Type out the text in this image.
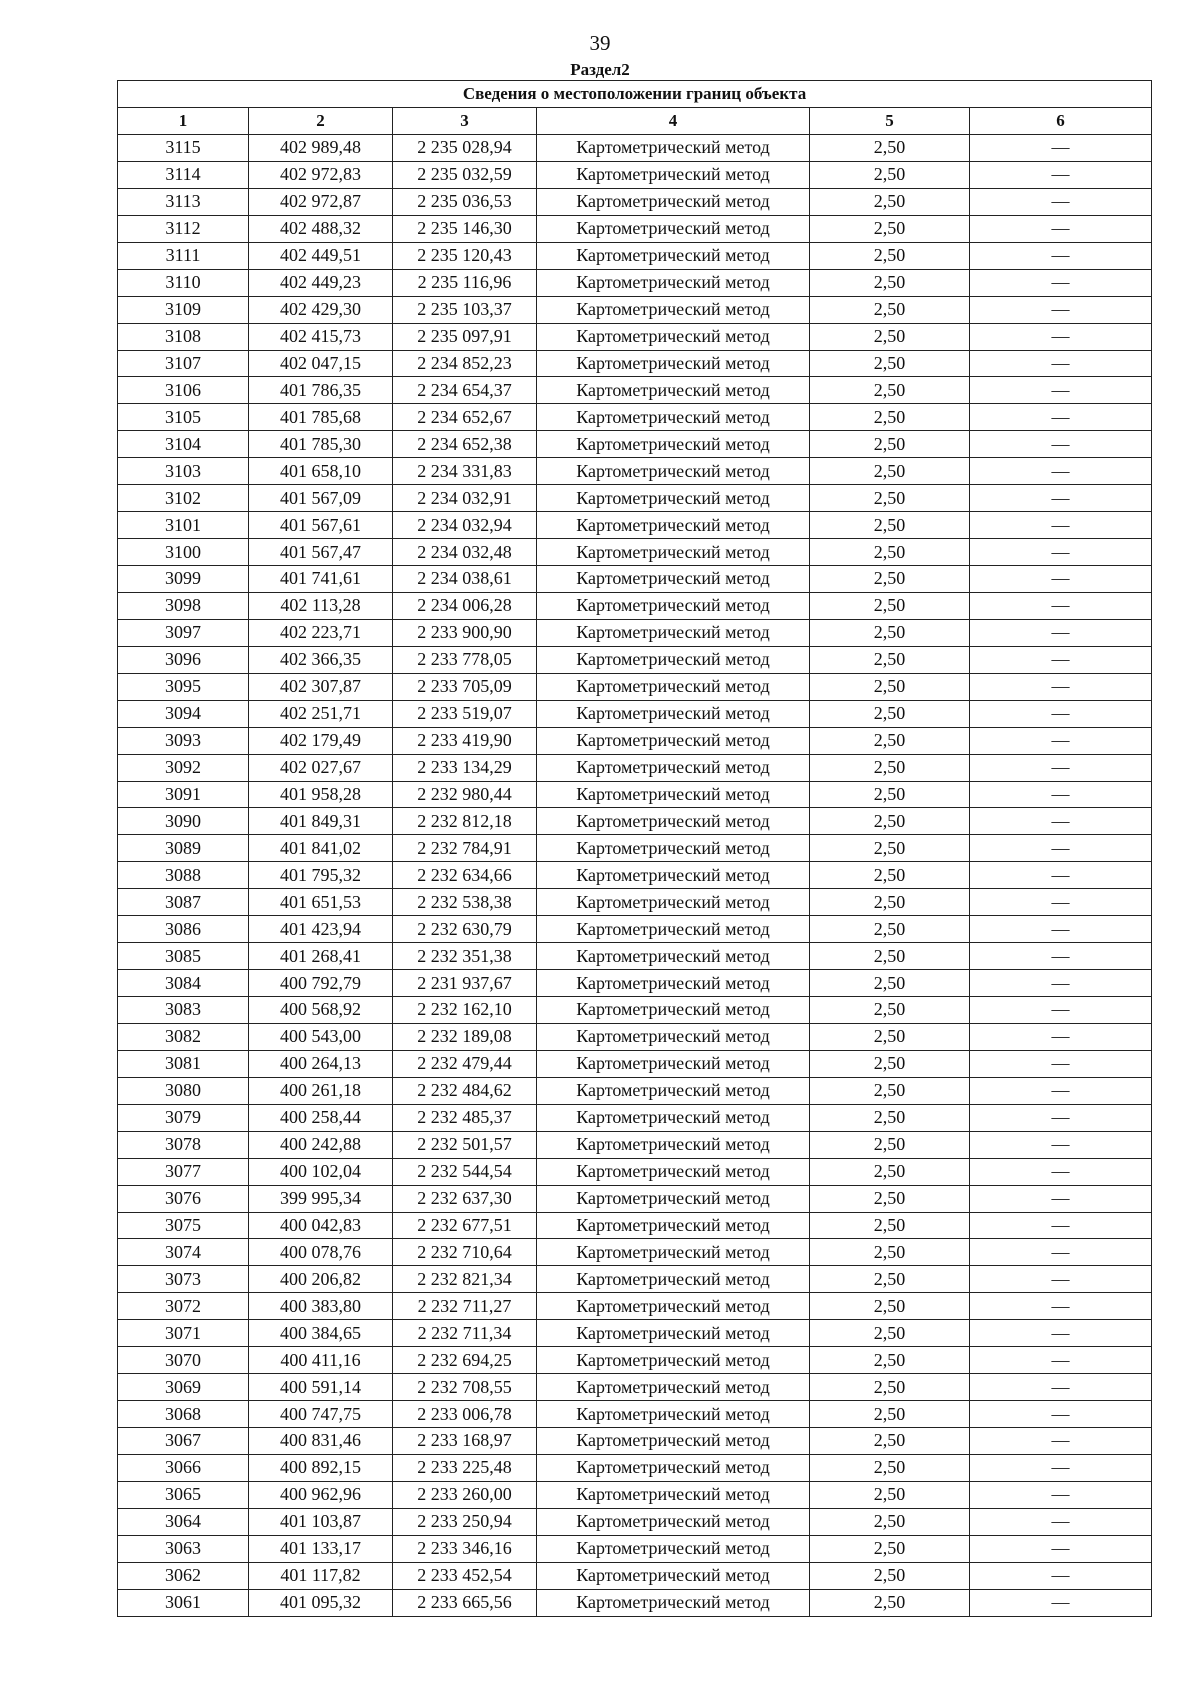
39
Раздел2
Сведения о местоположении границ объекта					
1	2	3	4	5	6
3115	402 989,48	2 235 028,94	Картометрический метод	2,50	—
3114	402 972,83	2 235 032,59	Картометрический метод	2,50	—
3113	402 972,87	2 235 036,53	Картометрический метод	2,50	—
3112	402 488,32	2 235 146,30	Картометрический метод	2,50	—
3111	402 449,51	2 235 120,43	Картометрический метод	2,50	—
3110	402 449,23	2 235 116,96	Картометрический метод	2,50	—
3109	402 429,30	2 235 103,37	Картометрический метод	2,50	—
3108	402 415,73	2 235 097,91	Картометрический метод	2,50	—
3107	402 047,15	2 234 852,23	Картометрический метод	2,50	—
3106	401 786,35	2 234 654,37	Картометрический метод	2,50	—
3105	401 785,68	2 234 652,67	Картометрический метод	2,50	—
3104	401 785,30	2 234 652,38	Картометрический метод	2,50	—
3103	401 658,10	2 234 331,83	Картометрический метод	2,50	—
3102	401 567,09	2 234 032,91	Картометрический метод	2,50	—
3101	401 567,61	2 234 032,94	Картометрический метод	2,50	—
3100	401 567,47	2 234 032,48	Картометрический метод	2,50	—
3099	401 741,61	2 234 038,61	Картометрический метод	2,50	—
3098	402 113,28	2 234 006,28	Картометрический метод	2,50	—
3097	402 223,71	2 233 900,90	Картометрический метод	2,50	—
3096	402 366,35	2 233 778,05	Картометрический метод	2,50	—
3095	402 307,87	2 233 705,09	Картометрический метод	2,50	—
3094	402 251,71	2 233 519,07	Картометрический метод	2,50	—
3093	402 179,49	2 233 419,90	Картометрический метод	2,50	—
3092	402 027,67	2 233 134,29	Картометрический метод	2,50	—
3091	401 958,28	2 232 980,44	Картометрический метод	2,50	—
3090	401 849,31	2 232 812,18	Картометрический метод	2,50	—
3089	401 841,02	2 232 784,91	Картометрический метод	2,50	—
3088	401 795,32	2 232 634,66	Картометрический метод	2,50	—
3087	401 651,53	2 232 538,38	Картометрический метод	2,50	—
3086	401 423,94	2 232 630,79	Картометрический метод	2,50	—
3085	401 268,41	2 232 351,38	Картометрический метод	2,50	—
3084	400 792,79	2 231 937,67	Картометрический метод	2,50	—
3083	400 568,92	2 232 162,10	Картометрический метод	2,50	—
3082	400 543,00	2 232 189,08	Картометрический метод	2,50	—
3081	400 264,13	2 232 479,44	Картометрический метод	2,50	—
3080	400 261,18	2 232 484,62	Картометрический метод	2,50	—
3079	400 258,44	2 232 485,37	Картометрический метод	2,50	—
3078	400 242,88	2 232 501,57	Картометрический метод	2,50	—
3077	400 102,04	2 232 544,54	Картометрический метод	2,50	—
3076	399 995,34	2 232 637,30	Картометрический метод	2,50	—
3075	400 042,83	2 232 677,51	Картометрический метод	2,50	—
3074	400 078,76	2 232 710,64	Картометрический метод	2,50	—
3073	400 206,82	2 232 821,34	Картометрический метод	2,50	—
3072	400 383,80	2 232 711,27	Картометрический метод	2,50	—
3071	400 384,65	2 232 711,34	Картометрический метод	2,50	—
3070	400 411,16	2 232 694,25	Картометрический метод	2,50	—
3069	400 591,14	2 232 708,55	Картометрический метод	2,50	—
3068	400 747,75	2 233 006,78	Картометрический метод	2,50	—
3067	400 831,46	2 233 168,97	Картометрический метод	2,50	—
3066	400 892,15	2 233 225,48	Картометрический метод	2,50	—
3065	400 962,96	2 233 260,00	Картометрический метод	2,50	—
3064	401 103,87	2 233 250,94	Картометрический метод	2,50	—
3063	401 133,17	2 233 346,16	Картометрический метод	2,50	—
3062	401 117,82	2 233 452,54	Картометрический метод	2,50	—
3061	401 095,32	2 233 665,56	Картометрический метод	2,50	—
